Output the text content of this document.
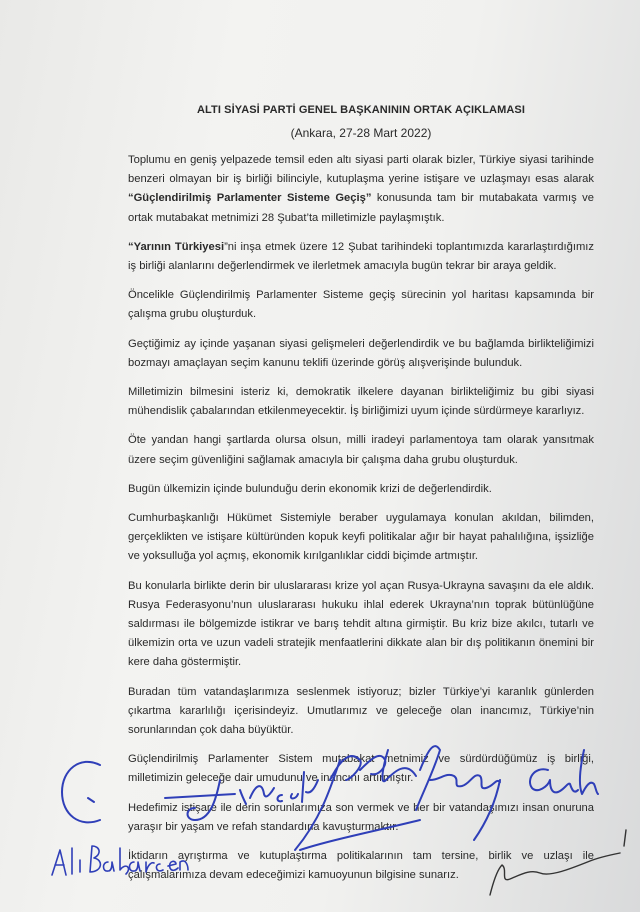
ALTI SİYASİ PARTİ GENEL BAŞKANININ ORTAK AÇIKLAMASI
(Ankara, 27-28 Mart 2022)

Toplumu en geniş yelpazede temsil eden altı siyasi parti olarak bizler, Türkiye siyasi tarihinde benzeri olmayan bir iş birliği bilinciyle, kutuplaşma yerine istişare ve uzlaşmayı esas alarak “Güçlendirilmiş Parlamenter Sisteme Geçiş” konusunda tam bir mutabakata varmış ve ortak mutabakat metnimizi 28 Şubat’ta milletimizle paylaşmıştık.

“Yarının Türkiyesi”ni inşa etmek üzere 12 Şubat tarihindeki toplantımızda kararlaştırdığımız iş birliği alanlarını değerlendirmek ve ilerletmek amacıyla bugün tekrar bir araya geldik.

Öncelikle Güçlendirilmiş Parlamenter Sisteme geçiş sürecinin yol haritası kapsamında bir çalışma grubu oluşturduk.

Geçtiğimiz ay içinde yaşanan siyasi gelişmeleri değerlendirdik ve bu bağlamda birlikteliğimizi bozmayı amaçlayan seçim kanunu teklifi üzerinde görüş alışverişinde bulunduk.

Milletimizin bilmesini isteriz ki, demokratik ilkelere dayanan birlikteliğimiz bu gibi siyasi mühendislik çabalarından etkilenmeyecektir. İş birliğimizi uyum içinde sürdürmeye kararlıyız.

Öte yandan hangi şartlarda olursa olsun, milli iradeyi parlamentoya tam olarak yansıtmak üzere seçim güvenliğini sağlamak amacıyla bir çalışma daha grubu oluşturduk.

Bugün ülkemizin içinde bulunduğu derin ekonomik krizi de değerlendirdik.

Cumhurbaşkanlığı Hükümet Sistemiyle beraber uygulamaya konulan akıldan, bilimden, gerçeklikten ve istişare kültüründen kopuk keyfi politikalar ağır bir hayat pahalılığına, işsizliğe ve yoksulluğa yol açmış, ekonomik kırılganlıklar ciddi biçimde artmıştır.

Bu konularla birlikte derin bir uluslararası krize yol açan Rusya-Ukrayna savaşını da ele aldık. Rusya Federasyonu’nun uluslararası hukuku ihlal ederek Ukrayna’nın toprak bütünlüğüne saldırması ile bölgemizde istikrar ve barış tehdit altına girmiştir. Bu kriz bize akılcı, tutarlı ve ülkemizin orta ve uzun vadeli stratejik menfaatlerini dikkate alan bir dış politikanın önemini bir kere daha göstermiştir.

Buradan tüm vatandaşlarımıza seslenmek istiyoruz; bizler Türkiye’yi karanlık günlerden çıkartma kararlılığı içerisindeyiz. Umutlarımız ve geleceğe olan inancımız, Türkiye’nin sorunlarından çok daha büyüktür.

Güçlendirilmiş Parlamenter Sistem mutabakat metnimiz ve sürdürdüğümüz iş birliği, milletimizin geleceğe dair umudunu ve inancını artırmıştır.

Hedefimiz istişare ile derin sorunlarımıza son vermek ve her bir vatandaşımızı insan onuruna yaraşır bir yaşam ve refah standardına kavuşturmaktır.

İktidarın ayrıştırma ve kutuplaştırma politikalarının tam tersine, birlik ve uzlaşı ile çalışmalarımıza devam edeceğimizi kamuoyunun bilgisine sunarız.
